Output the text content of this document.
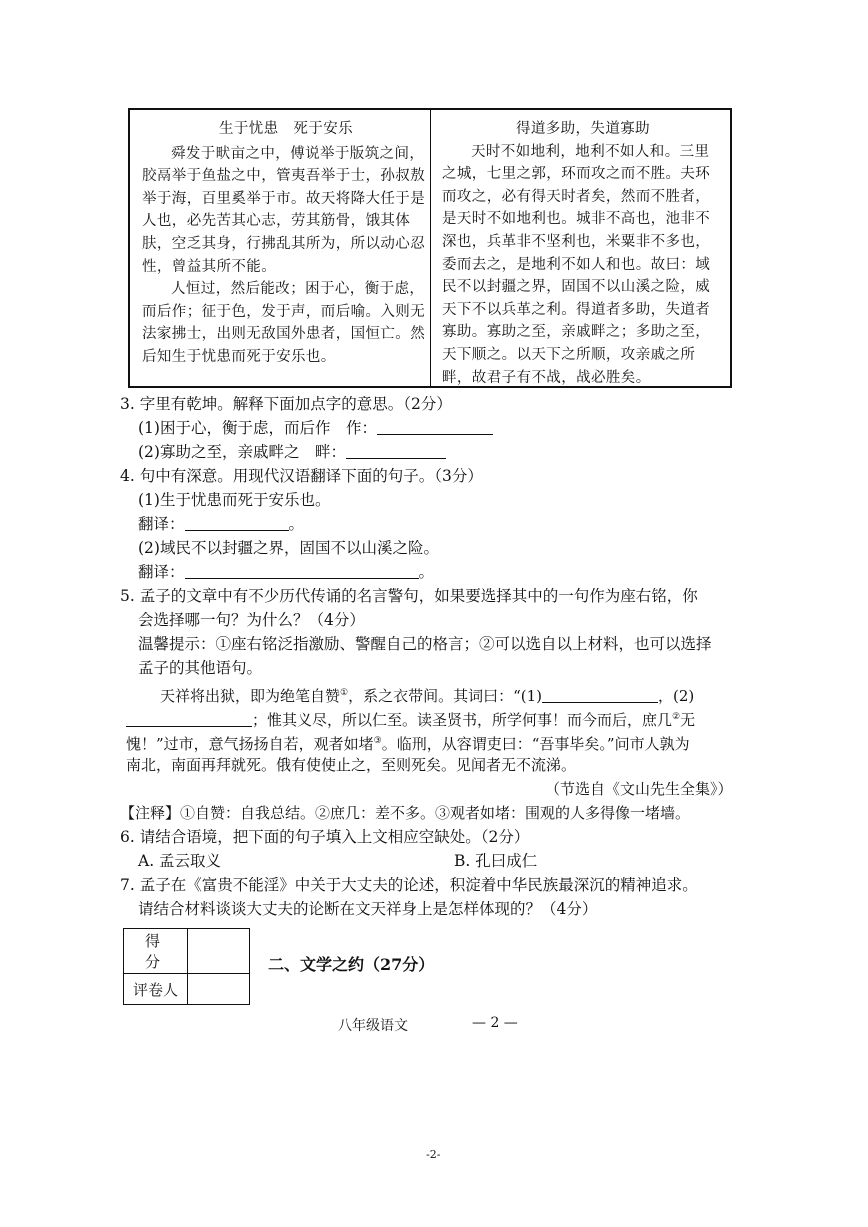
生于忧患　死于安乐

舜发于畎亩之中，傅说举于版筑之间，胶鬲举于鱼盐之中，管夷吾举于士，孙叔敖举于海，百里奚举于市。故天将降大任于是人也，必先苦其心志，劳其筋骨，饿其体肤，空乏其身，行拂乱其所为，所以动心忍性，曾益其所不能。

人恒过，然后能改；困于心，衡于虑，而后作；征于色，发于声，而后喻。入则无法家拂士，出则无敌国外患者，国恒亡。然后知生于忧患而死于安乐也。

得道多助，失道寡助

天时不如地利，地利不如人和。三里之城，七里之郭，环而攻之而不胜。夫环而攻之，必有得天时者矣，然而不胜者，是天时不如地利也。城非不高也，池非不深也，兵革非不坚利也，米粟非不多也，委而去之，是地利不如人和也。故曰：域民不以封疆之界，固国不以山溪之险，威天下不以兵革之利。得道者多助，失道者寡助。寡助之至，亲戚畔之；多助之至，天下顺之。以天下之所顺，攻亲戚之所畔，故君子有不战，战必胜矣。

3. 字里有乾坤。解释下面加点字的意思。（2分）
(1)困于心，衡于虑，而后作　作：
(2)寡助之至，亲戚畔之　畔：
4. 句中有深意。用现代汉语翻译下面的句子。（3分）
(1)生于忧患而死于安乐也。
翻译：	。
(2)域民不以封疆之界，固国不以山溪之险。
翻译：	。
5. 孟子的文章中有不少历代传诵的名言警句，如果要选择其中的一句作为座右铭，你
会选择哪一句？为什么？（4分）
温馨提示：①座右铭泛指激励、警醒自己的格言；②可以选自以上材料，也可以选择
孟子的其他语句。
天祥将出狱，即为绝笔自赞①，系之衣带间。其词曰：“(1)	，(2)
；惟其义尽，所以仁至。读圣贤书，所学何事！而今而后，庶几②无
愧！”过市，意气扬扬自若，观者如堵③。临刑，从容谓吏曰：“吾事毕矣。”问市人孰为
南北，南面再拜就死。俄有使使止之，至则死矣。见闻者无不流涕。
（节选自《文山先生全集》）
【注释】①自赞：自我总结。②庶几：差不多。③观者如堵：围观的人多得像一堵墙。
6. 请结合语境，把下面的句子填入上文相应空缺处。（2分）
A. 孟云取义	B. 孔曰成仁
7. 孟子在《富贵不能淫》中关于大丈夫的论述，积淀着中华民族最深沉的精神追求。
得　分	
评卷人	
二、文学之约（27分）
八年级语文	— 2 —
-2-
请结合材料谈谈大丈夫的论断在文天祥身上是怎样体现的？（4分）
